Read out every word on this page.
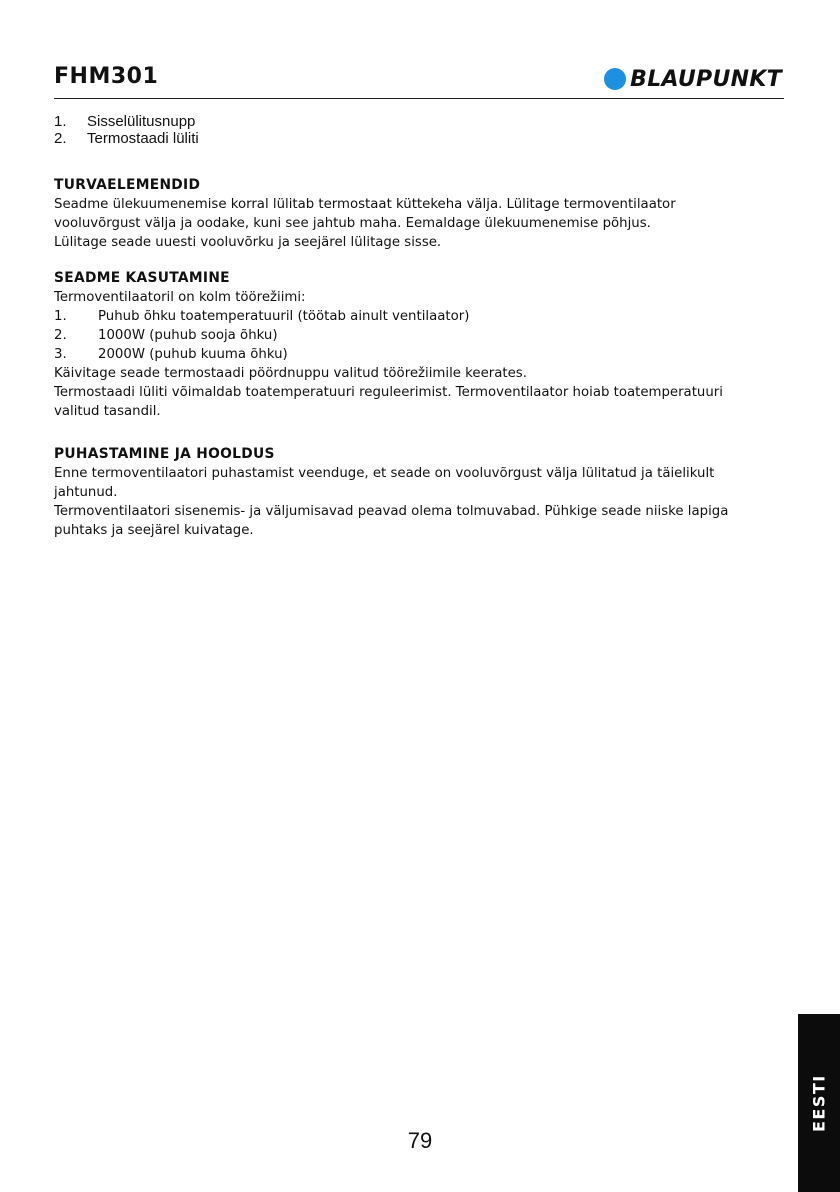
FHM301	BLAUPUNKT
1.	Sisselülitusnupp
2.	Termostaadi lüliti
TURVAELEMENDID

Seadme ülekuumenemise korral lülitab termostaat küttekeha välja. Lülitage termoventilaator

vooluvõrgust välja ja oodake, kuni see jahtub maha. Eemaldage ülekuumenemise põhjus.

Lülitage seade uuesti vooluvõrku ja seejärel lülitage sisse.

SEADME KASUTAMINE

Termoventilaatoril on kolm töörežiimi:

1.	Puhub õhku toatemperatuuril (töötab ainult ventilaator)
2.	1000W (puhub sooja õhku)
3.	2000W (puhub kuuma õhku)

Käivitage seade termostaadi pöördnuppu valitud töörežiimile keerates.

Termostaadi lüliti võimaldab toatemperatuuri reguleerimist. Termoventilaator hoiab toatemperatuuri

valitud tasandil.

PUHASTAMINE JA HOOLDUS

Enne termoventilaatori puhastamist veenduge, et seade on vooluvõrgust välja lülitatud ja täielikult

jahtunud.

Termoventilaatori sisenemis- ja väljumisavad peavad olema tolmuvabad. Pühkige seade niiske lapiga

puhtaks ja seejärel kuivatage.

79
EESTI
